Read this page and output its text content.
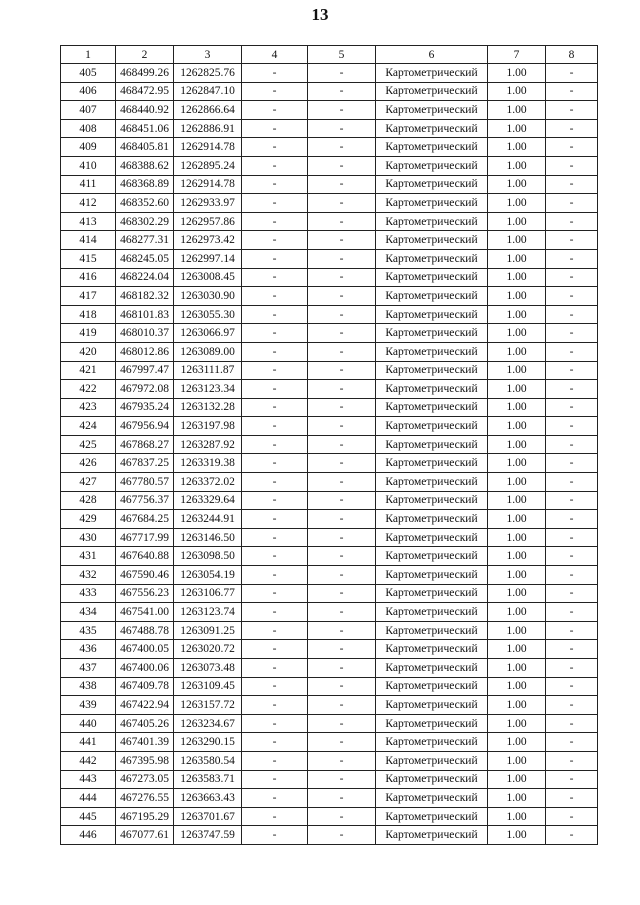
13
1	2	3	4	5	6	7	8
405	468499.26	1262825.76	-	-	Картометрический	1.00	-
406	468472.95	1262847.10	-	-	Картометрический	1.00	-
407	468440.92	1262866.64	-	-	Картометрический	1.00	-
408	468451.06	1262886.91	-	-	Картометрический	1.00	-
409	468405.81	1262914.78	-	-	Картометрический	1.00	-
410	468388.62	1262895.24	-	-	Картометрический	1.00	-
411	468368.89	1262914.78	-	-	Картометрический	1.00	-
412	468352.60	1262933.97	-	-	Картометрический	1.00	-
413	468302.29	1262957.86	-	-	Картометрический	1.00	-
414	468277.31	1262973.42	-	-	Картометрический	1.00	-
415	468245.05	1262997.14	-	-	Картометрический	1.00	-
416	468224.04	1263008.45	-	-	Картометрический	1.00	-
417	468182.32	1263030.90	-	-	Картометрический	1.00	-
418	468101.83	1263055.30	-	-	Картометрический	1.00	-
419	468010.37	1263066.97	-	-	Картометрический	1.00	-
420	468012.86	1263089.00	-	-	Картометрический	1.00	-
421	467997.47	1263111.87	-	-	Картометрический	1.00	-
422	467972.08	1263123.34	-	-	Картометрический	1.00	-
423	467935.24	1263132.28	-	-	Картометрический	1.00	-
424	467956.94	1263197.98	-	-	Картометрический	1.00	-
425	467868.27	1263287.92	-	-	Картометрический	1.00	-
426	467837.25	1263319.38	-	-	Картометрический	1.00	-
427	467780.57	1263372.02	-	-	Картометрический	1.00	-
428	467756.37	1263329.64	-	-	Картометрический	1.00	-
429	467684.25	1263244.91	-	-	Картометрический	1.00	-
430	467717.99	1263146.50	-	-	Картометрический	1.00	-
431	467640.88	1263098.50	-	-	Картометрический	1.00	-
432	467590.46	1263054.19	-	-	Картометрический	1.00	-
433	467556.23	1263106.77	-	-	Картометрический	1.00	-
434	467541.00	1263123.74	-	-	Картометрический	1.00	-
435	467488.78	1263091.25	-	-	Картометрический	1.00	-
436	467400.05	1263020.72	-	-	Картометрический	1.00	-
437	467400.06	1263073.48	-	-	Картометрический	1.00	-
438	467409.78	1263109.45	-	-	Картометрический	1.00	-
439	467422.94	1263157.72	-	-	Картометрический	1.00	-
440	467405.26	1263234.67	-	-	Картометрический	1.00	-
441	467401.39	1263290.15	-	-	Картометрический	1.00	-
442	467395.98	1263580.54	-	-	Картометрический	1.00	-
443	467273.05	1263583.71	-	-	Картометрический	1.00	-
444	467276.55	1263663.43	-	-	Картометрический	1.00	-
445	467195.29	1263701.67	-	-	Картометрический	1.00	-
446	467077.61	1263747.59	-	-	Картометрический	1.00	-
